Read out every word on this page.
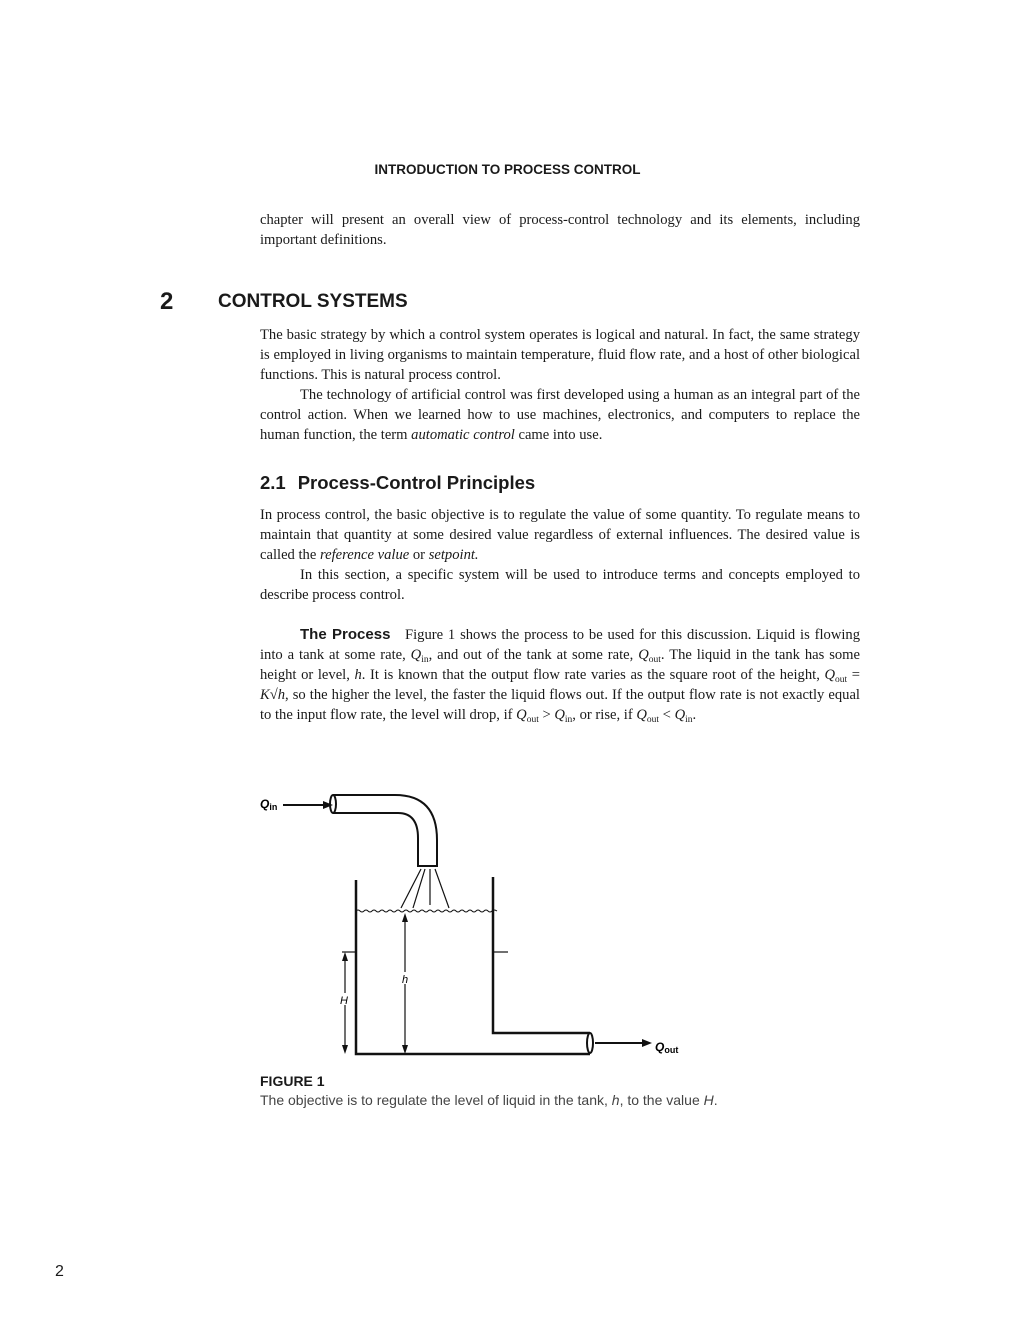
INTRODUCTION TO PROCESS CONTROL

chapter will present an overall view of process-control technology and its elements, including important definitions.

2 CONTROL SYSTEMS

The basic strategy by which a control system operates is logical and natural. In fact, the same strategy is employed in living organisms to maintain temperature, fluid flow rate, and a host of other biological functions. This is natural process control.

The technology of artificial control was first developed using a human as an integral part of the control action. When we learned how to use machines, electronics, and computers to replace the human function, the term automatic control came into use.

2.1 Process-Control Principles

In process control, the basic objective is to regulate the value of some quantity. To regulate means to maintain that quantity at some desired value regardless of external influences. The desired value is called the reference value or setpoint.

In this section, a specific system will be used to introduce terms and concepts employed to describe process control.

The Process Figure 1 shows the process to be used for this discussion. Liquid is flowing into a tank at some rate, $Q_{in}$, and out of the tank at some rate, $Q_{out}$. The liquid in the tank has some height or level, h. It is known that the output flow rate varies as the square root of the height, $Q_{out} = K√h$, so the higher the level, the faster the liquid flows out. If the output flow rate is not exactly equal to the input flow rate, the level will drop, if $Q_{out} > Q_{in}$, or rise, if $Q_{out} < Q_{in}$.

Qin
Qout
h
H
FIGURE 1
The objective is to regulate the level of liquid in the tank, h, to the value H.
2
